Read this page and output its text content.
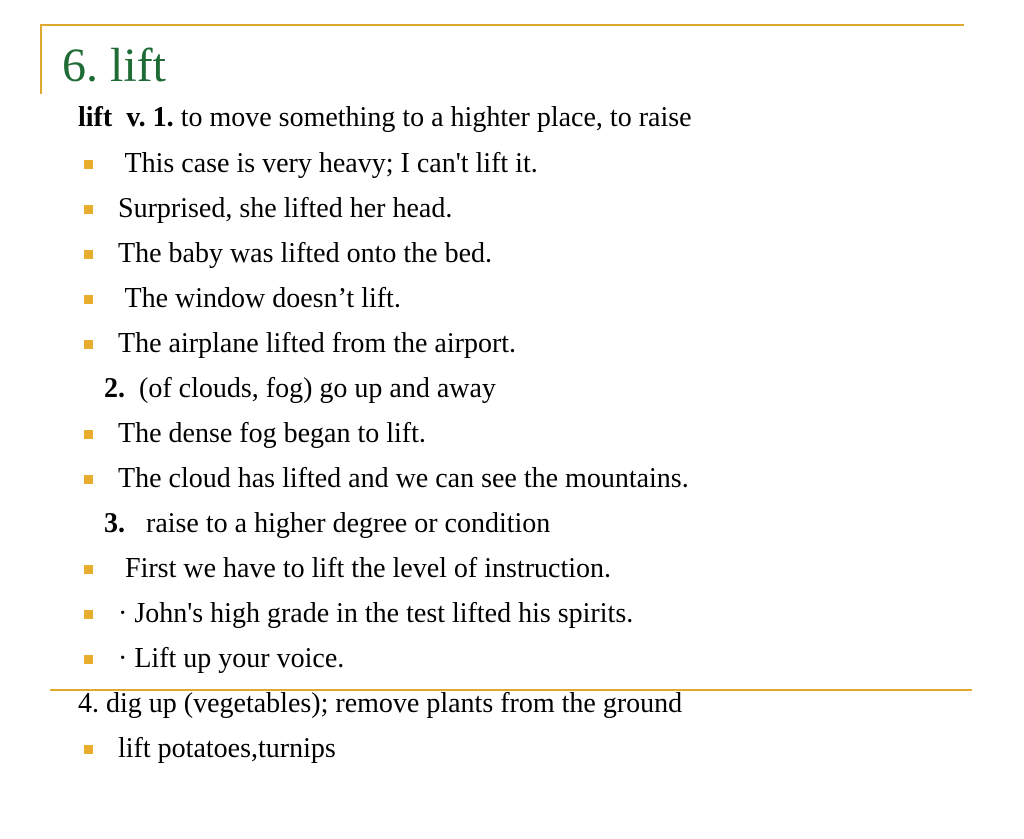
6. lift

lift v. 1. to move something to a highter place, to raise

This case is very heavy; I can't lift it.

Surprised, she lifted her head.

The baby was lifted onto the bed.

The window doesn’t lift.

The airplane lifted from the airport.

2.  (of clouds, fog) go up and away

The dense fog began to lift.

The cloud has lifted and we can see the mountains.

3.   raise to a higher degree or condition

First we have to lift the level of instruction.

· John's high grade in the test lifted his spirits.

· Lift up your voice.

4. dig up (vegetables); remove plants from the ground

lift potatoes,turnips
